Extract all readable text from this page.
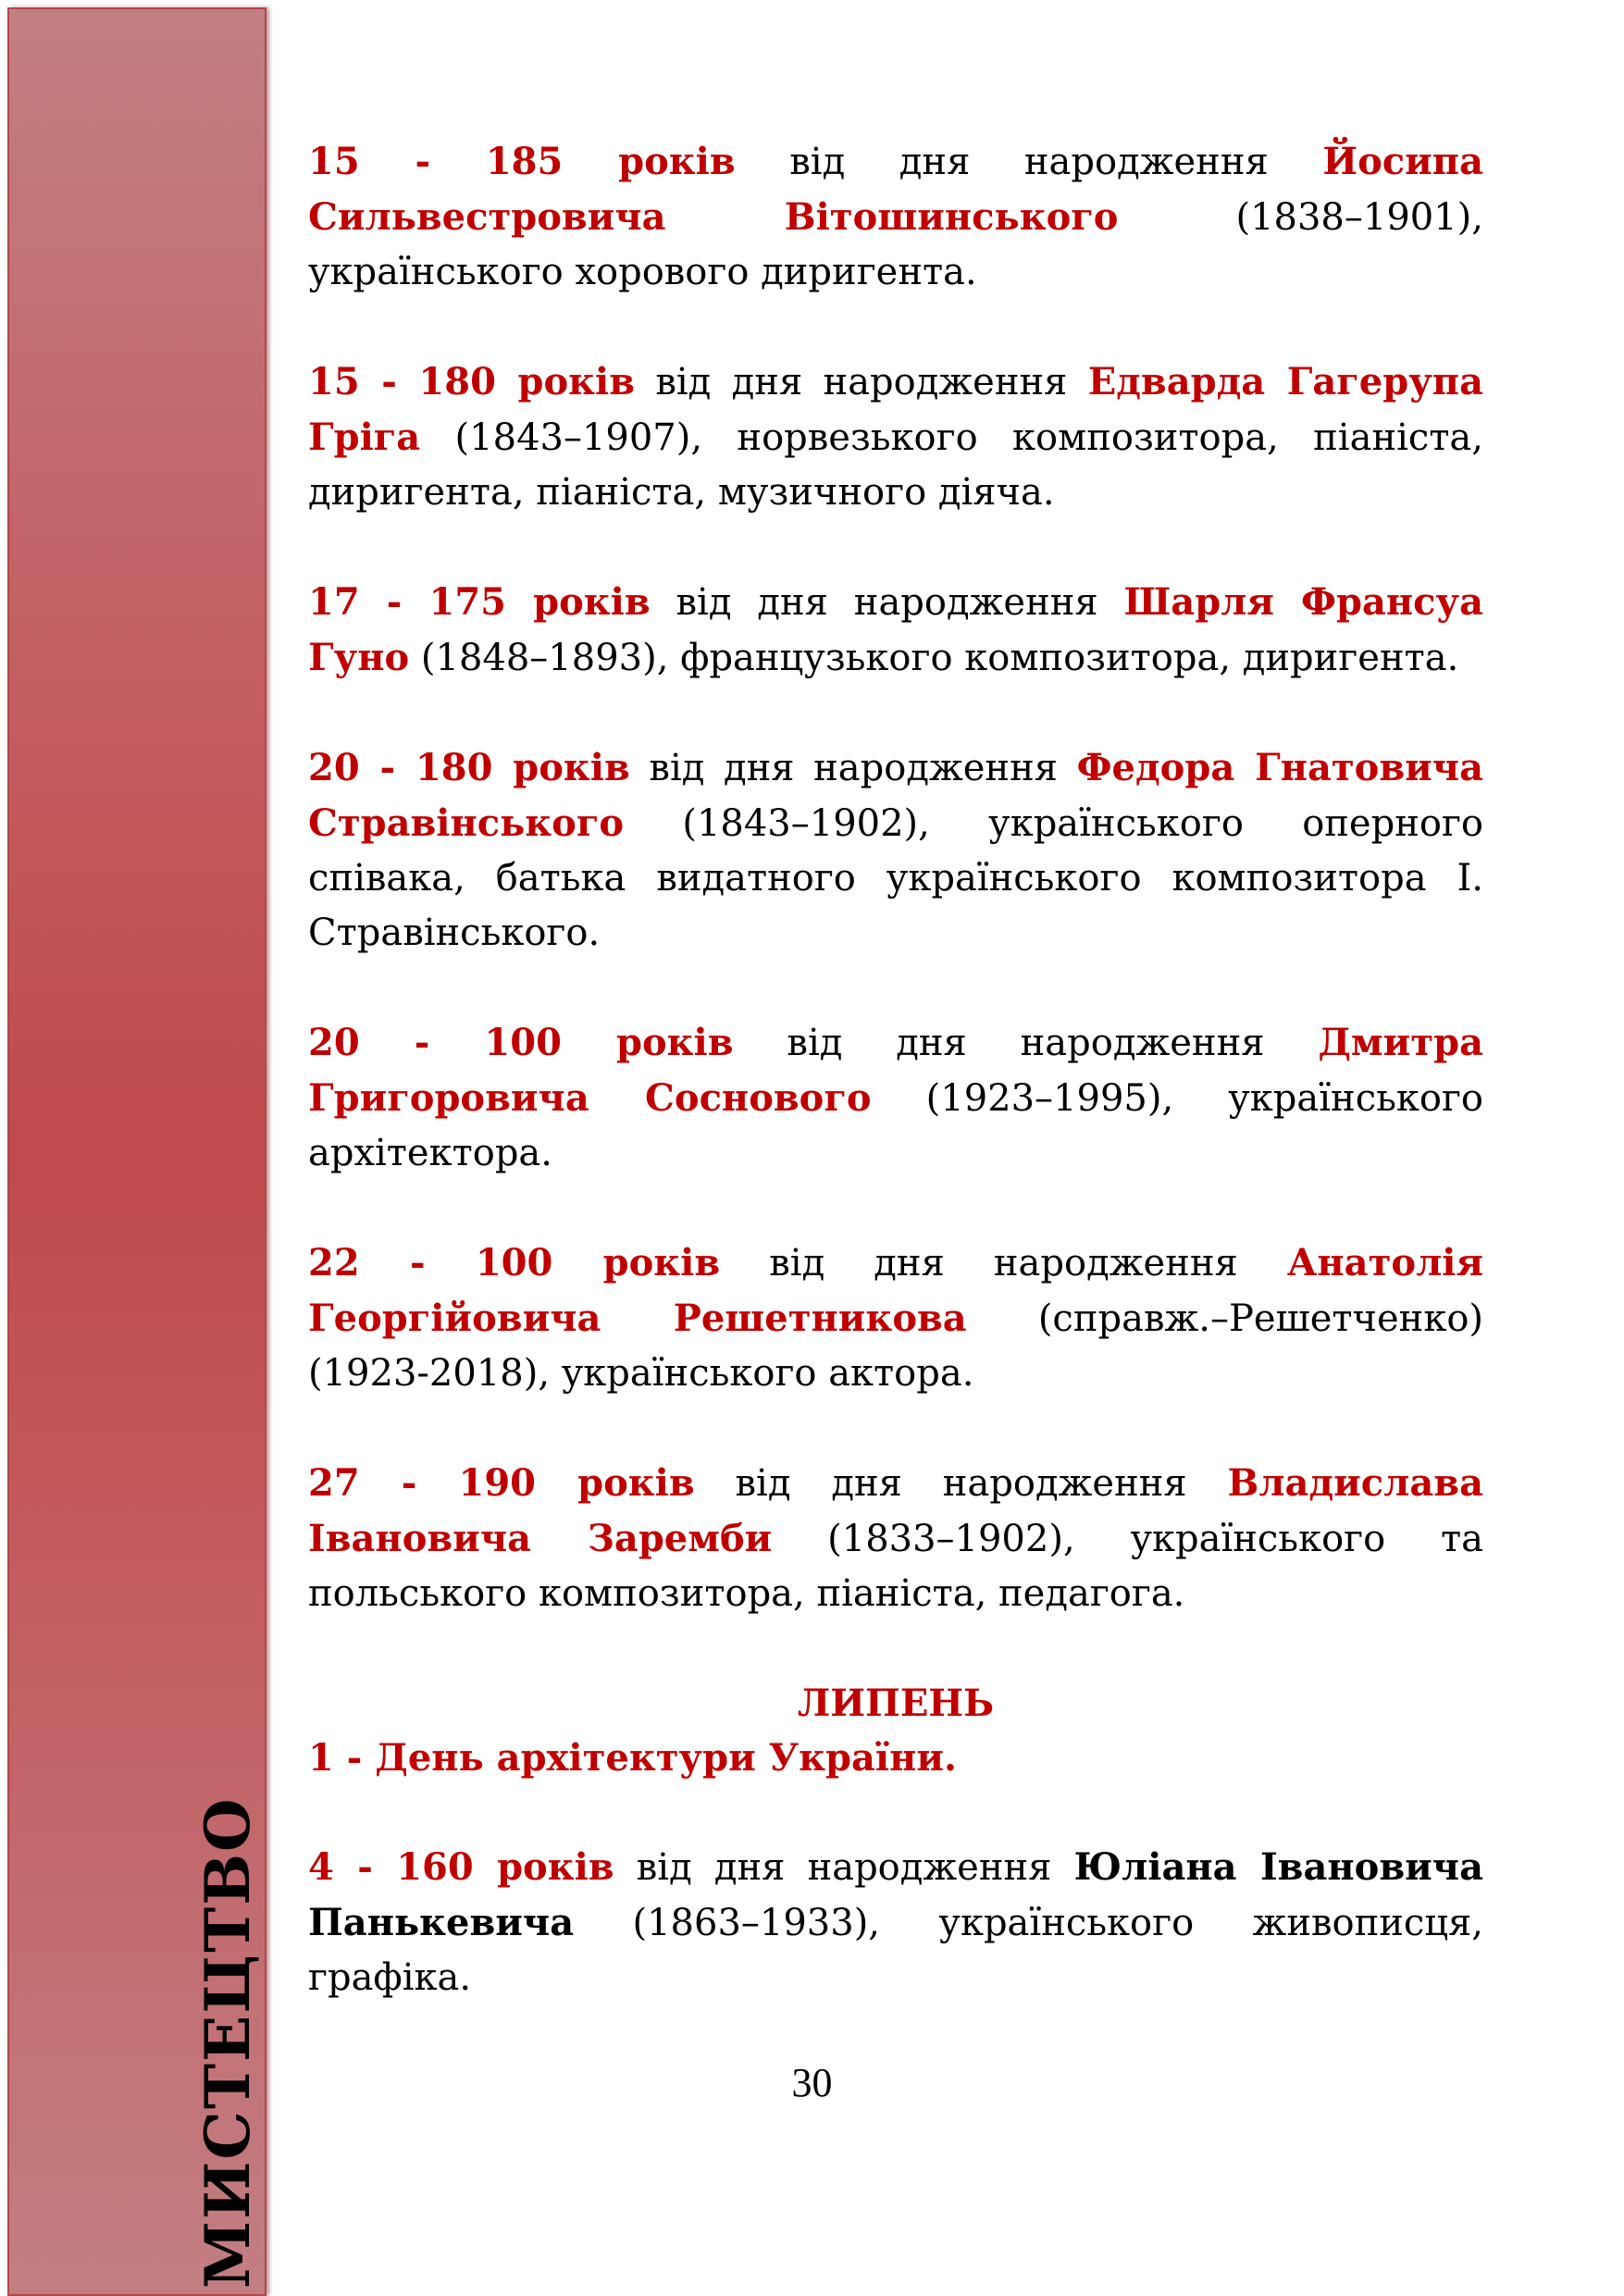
МИСТЕЦТВО

15 - 185 років від дня народження Йосипа Сильвестровича Вітошинського (1838–1901), українського хорового диригента.

15 - 180 років від дня народження Едварда Гагерупа Гріга (1843–1907), норвезького композитора, піаніста, диригента, піаніста, музичного діяча.

17 - 175 років від дня народження Шарля Франсуа Гуно (1848–1893), французького композитора, диригента.

20 - 180 років від дня народження Федора Гнатовича Стравінського (1843–1902), українського оперного співака, батька видатного українського композитора І. Стравінського.

20 - 100 років від дня народження Дмитра Григоровича Соснового (1923–1995), українського архітектора.

22 - 100 років від дня народження Анатолія Георгійовича Решетникова (справж.–Решетченко) (1923-2018), українського актора.

27 - 190 років від дня народження Владислава Івановича Заремби (1833–1902), українського та польського композитора, піаніста, педагога.

ЛИПЕНЬ

1 - День архітектури України.

4 - 160 років від дня народження Юліана Івановича Панькевича (1863–1933), українського живописця, графіка.

30
